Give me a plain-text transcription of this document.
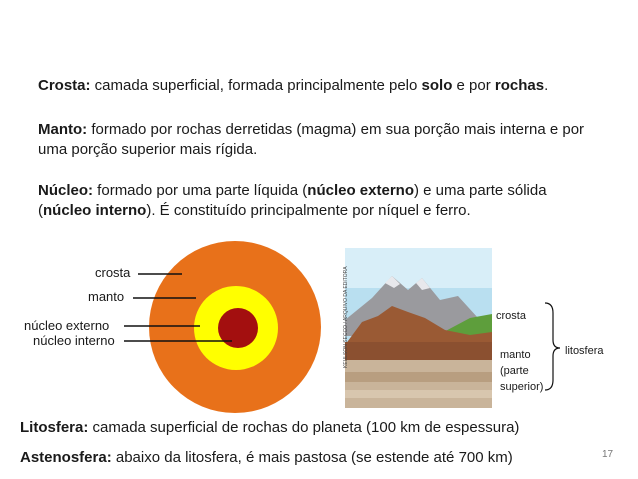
Crosta: camada superficial, formada principalmente pelo solo e por rochas.

Manto: formado por rochas derretidas (magma) em sua porção mais interna e por uma porção superior mais rígida.

Núcleo: formado por uma parte líquida (núcleo externo) e uma parte sólida (núcleo interno). É constituído principalmente por níquel e ferro.

crosta
manto
núcleo externo
núcleo interno	KEULSON SECCO / ARQUIVO DA EDITORA	crosta
manto
(parte
superior)
litosfera

Litosfera: camada superficial de rochas do planeta (100 km de espessura)

Astenosfera: abaixo da litosfera, é mais pastosa (se estende até 700 km)	17
